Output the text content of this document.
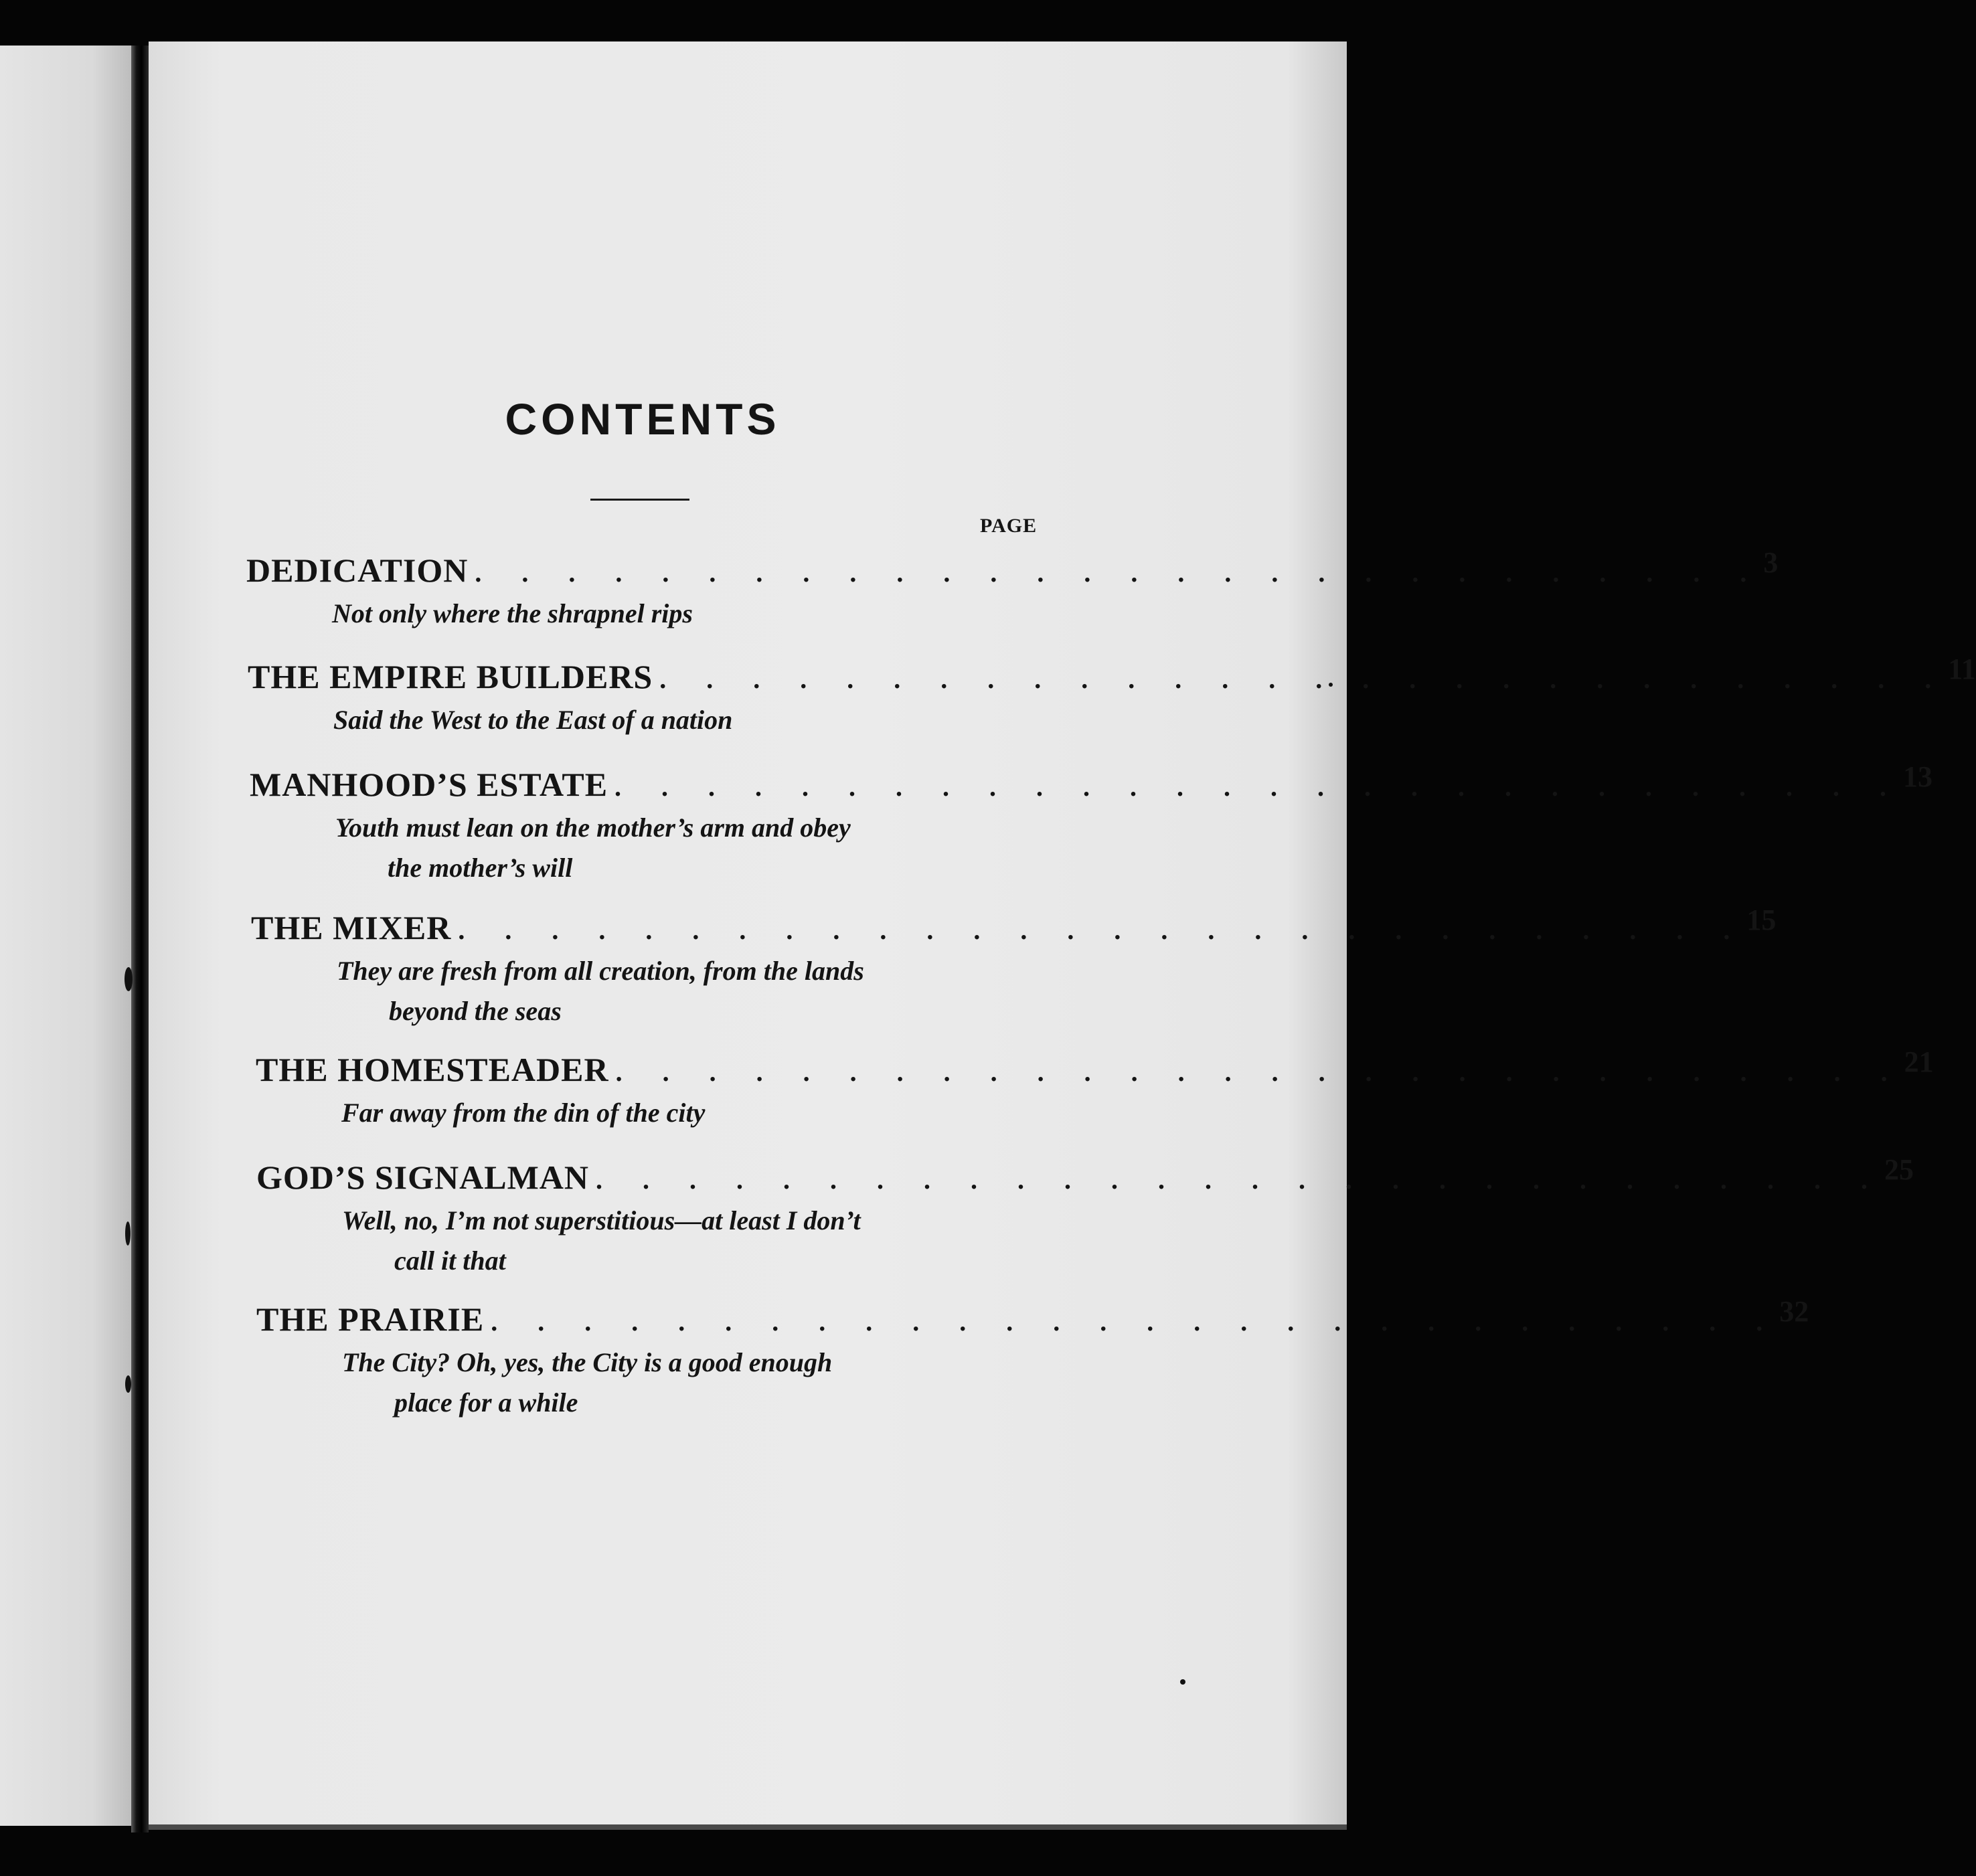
CONTENTS
PAGE
DEDICATION . . . . . . . . . . . . . . . . . . . . . . . . . . . . 3
Not only where the shrapnel rips
THE EMPIRE BUILDERS . . . . . . . . . . . . . . . . . . . . . . . . . . . . 11
Said the West to the East of a nation
MANHOOD’S ESTATE . . . . . . . . . . . . . . . . . . . . . . . . . . . . 13
Youth must lean on the mother’s arm and obey
the mother’s will
THE MIXER . . . . . . . . . . . . . . . . . . . . . . . . . . . . 15
They are fresh from all creation, from the lands
beyond the seas
THE HOMESTEADER . . . . . . . . . . . . . . . . . . . . . . . . . . . . 21
Far away from the din of the city
GOD’S SIGNALMAN . . . . . . . . . . . . . . . . . . . . . . . . . . . . 25
Well, no, I’m not superstitious—at least I don’t
call it that
THE PRAIRIE . . . . . . . . . . . . . . . . . . . . . . . . . . . . 32
The City? Oh, yes, the City is a good enough
place for a while
